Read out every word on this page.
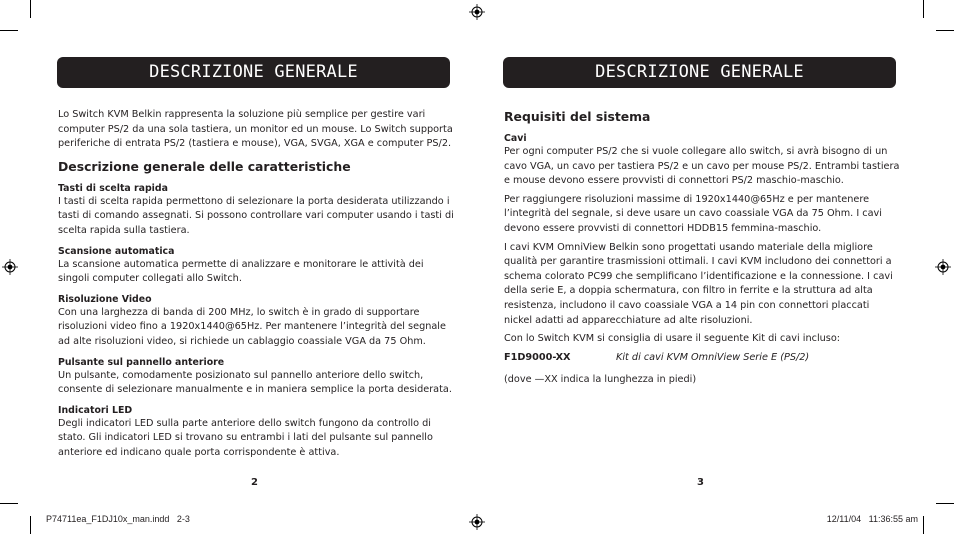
DESCRIZIONE GENERALE	DESCRIZIONE GENERALE

Lo Switch KVM Belkin rappresenta la soluzione più semplice per gestire vari computer PS/2 da una sola tastiera, un monitor ed un mouse. Lo Switch supporta periferiche di entrata PS/2 (tastiera e mouse), VGA, SVGA, XGA e computer PS/2.

Descrizione generale delle caratteristiche
Tasti di scelta rapida

I tasti di scelta rapida permettono di selezionare la porta desiderata utilizzando i tasti di comando assegnati. Si possono controllare vari computer usando i tasti di scelta rapida sulla tastiera.

Scansione automatica

La scansione automatica permette di analizzare e monitorare le attività dei singoli computer collegati allo Switch.

Risoluzione Video

Con una larghezza di banda di 200 MHz, lo switch è in grado di supportare risoluzioni video fino a 1920x1440@65Hz. Per mantenere l’integrità del segnale ad alte risoluzioni video, si richiede un cablaggio coassiale VGA da 75 Ohm.

Pulsante sul pannello anteriore

Un pulsante, comodamente posizionato sul pannello anteriore dello switch, consente di selezionare manualmente e in maniera semplice la porta desiderata.

Indicatori LED

Degli indicatori LED sulla parte anteriore dello switch fungono da controllo di stato. Gli indicatori LED si trovano su entrambi i lati del pulsante sul pannello anteriore ed indicano quale porta corrispondente è attiva.

Requisiti del sistema
Cavi

Per ogni computer PS/2 che si vuole collegare allo switch, si avrà bisogno di un cavo VGA, un cavo per tastiera PS/2 e un cavo per mouse PS/2. Entrambi tastiera e mouse devono essere provvisti di connettori PS/2 maschio-maschio.

Per raggiungere risoluzioni massime di 1920x1440@65Hz e per mantenere l’integrità del segnale, si deve usare un cavo coassiale VGA da 75 Ohm. I cavi devono essere provvisti di connettori HDDB15 femmina-maschio.

I cavi KVM OmniView Belkin sono progettati usando materiale della migliore qualità per garantire trasmissioni ottimali. I cavi KVM includono dei connettori a schema colorato PC99 che semplificano l’identificazione e la connessione. I cavi della serie E, a doppia schermatura, con filtro in ferrite e la struttura ad alta resistenza, includono il cavo coassiale VGA a 14 pin con connettori placcati nickel adatti ad apparecchiature ad alte risoluzioni.

Con lo Switch KVM si consiglia di usare il seguente Kit di cavi incluso:

F1D9000-XX	Kit di cavi KVM OmniView Serie E (PS/2)

(dove —XX indica la lunghezza in piedi)

2	3
P74711ea_F1DJ10x_man.indd   2-3	12/11/04   11:36:55 am
